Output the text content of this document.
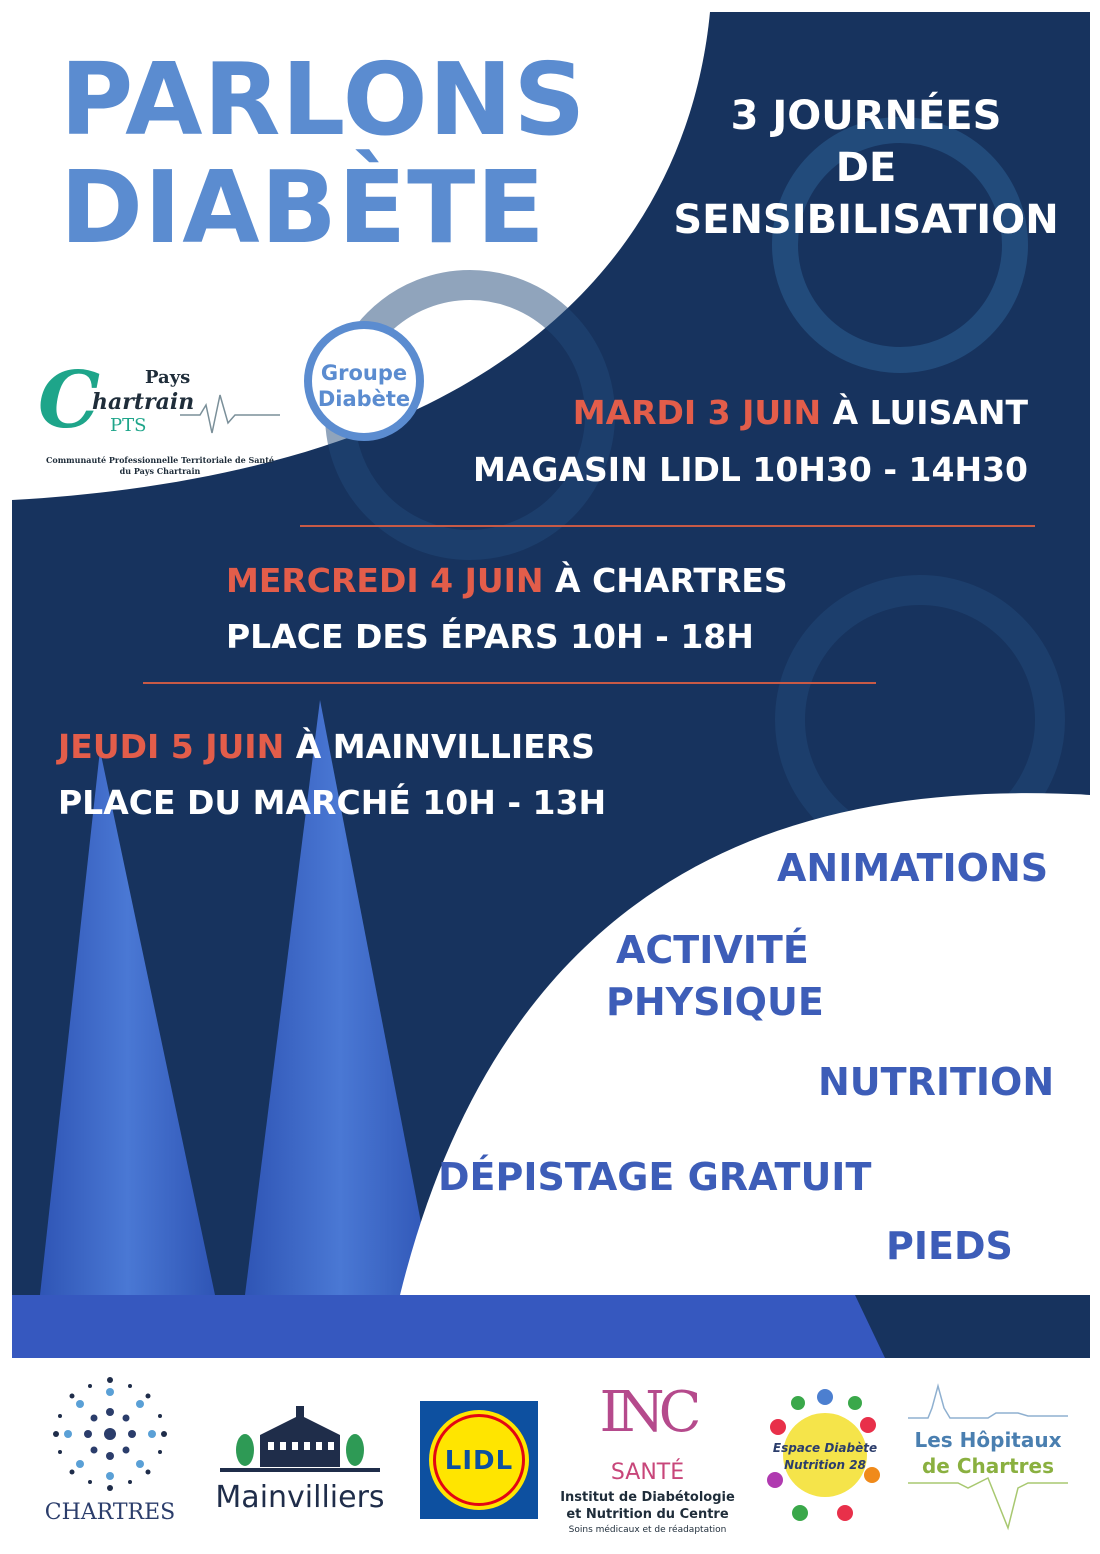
PARLONS
DIABÈTE
3 JOURNÉES
DE
SENSIBILISATION
Pays
C
hartrain
PTS
Communauté Professionnelle Territoriale de Santé
du Pays Chartrain
Groupe
Diabète	MARDI 3 JUIN À LUISANT
MAGASIN LIDL 10H30 - 14H30
MERCREDI 4 JUIN À CHARTRES
PLACE DES ÉPARS 10H - 18H
JEUDI 5 JUIN À MAINVILLIERS
PLACE DU MARCHÉ 10H - 13H
ANIMATIONS
ACTIVITÉ
PHYSIQUE
NUTRITION
DÉPISTAGE GRATUIT
PIEDS
CHARTRES	Mainvilliers
LIDL
INC
SANTÉ
Institut de Diabétologie
et Nutrition du Centre
Soins médicaux et de réadaptation
Espace Diabète
Nutrition 28
Les Hôpitaux
de Chartres
